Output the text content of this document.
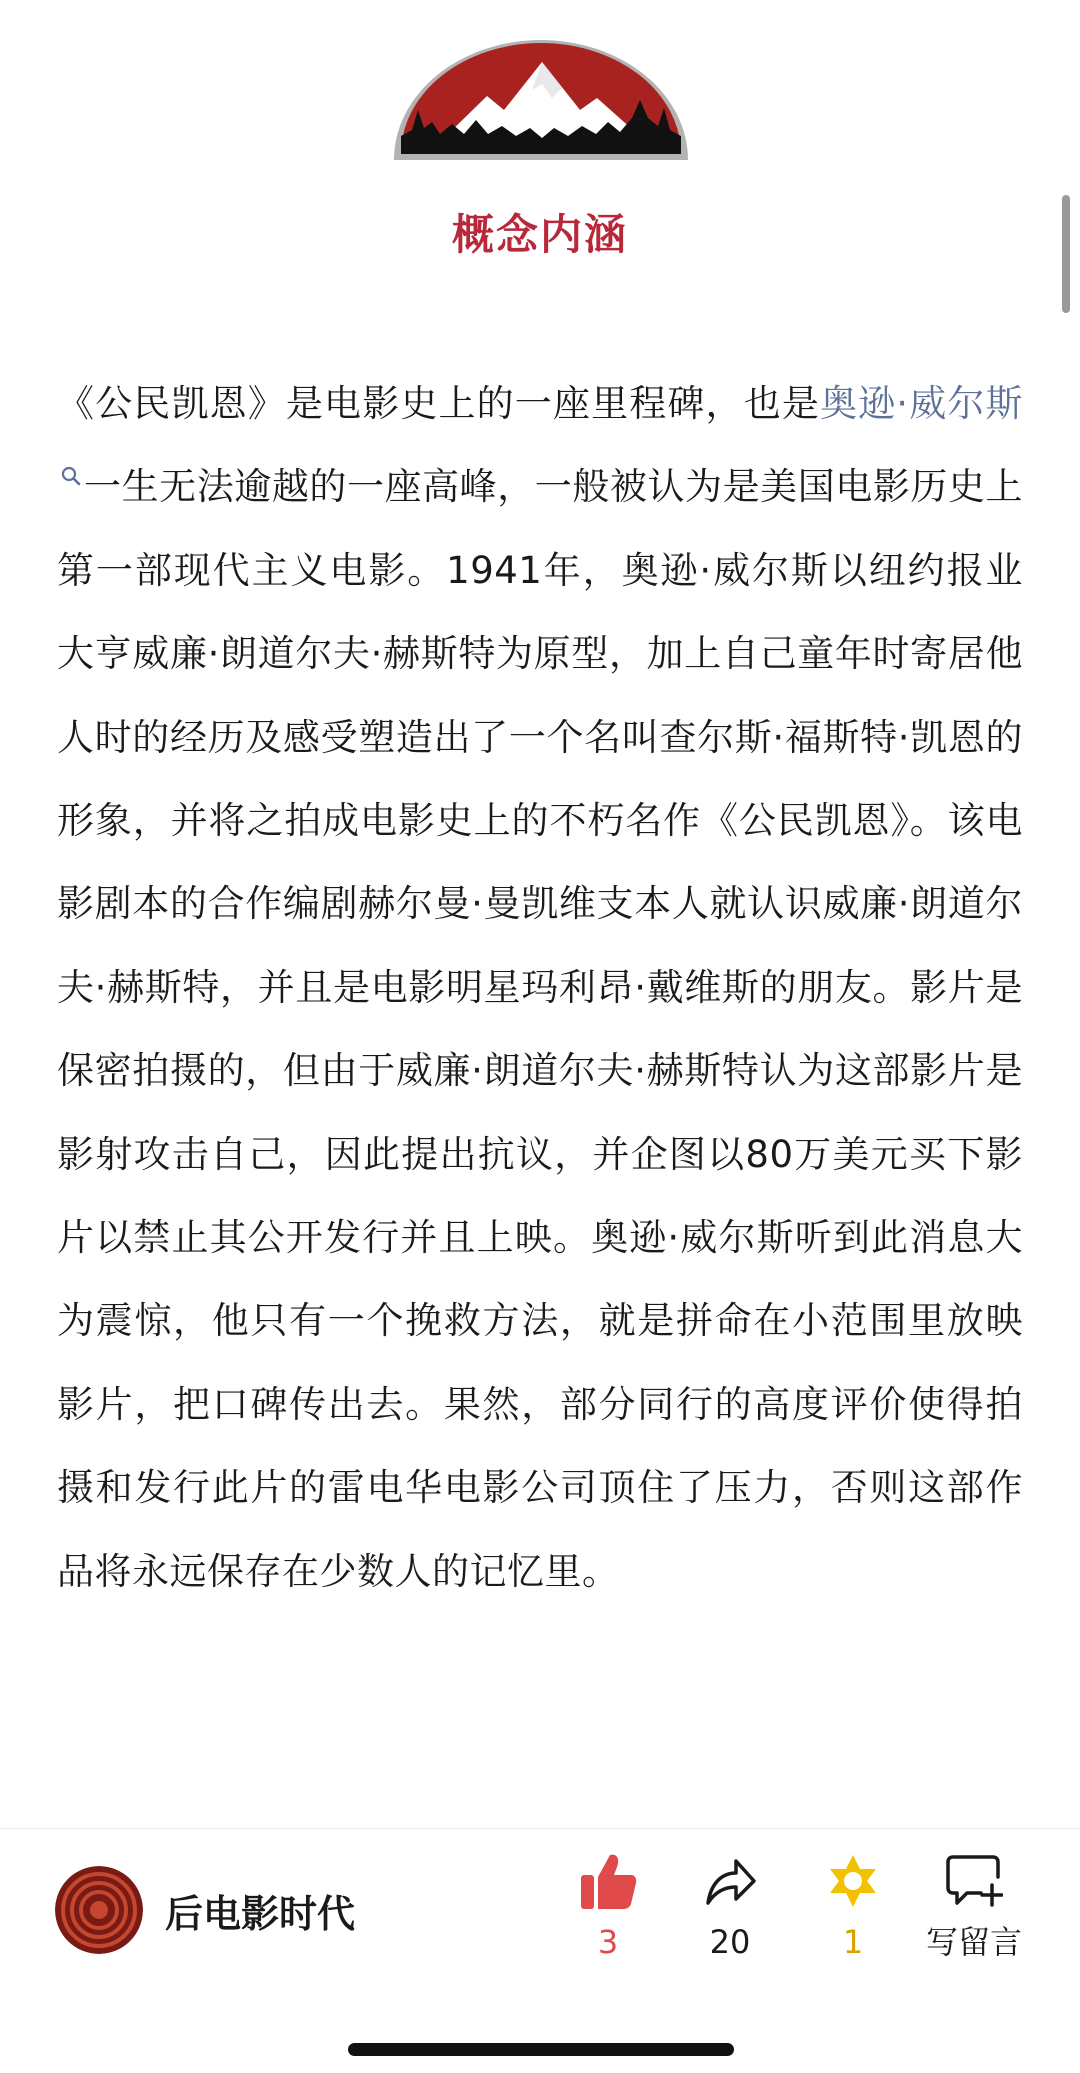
概念内涵
《公民凯恩》是电影史上的一座里程碑，也是奥逊·威尔斯一生无法逾越的一座高峰，一般被认为是美国电影历史上第一部现代主义电影。1941年，奥逊·威尔斯以纽约报业大亨威廉·朗道尔夫·赫斯特为原型，加上自己童年时寄居他人时的经历及感受塑造出了一个名叫查尔斯·福斯特·凯恩的形象，并将之拍成电影史上的不朽名作《公民凯恩》。该电影剧本的合作编剧赫尔曼·曼凯维支本人就认识威廉·朗道尔夫·赫斯特，并且是电影明星玛利昂·戴维斯的朋友。影片是保密拍摄的，但由于威廉·朗道尔夫·赫斯特认为这部影片是影射攻击自己，因此提出抗议，并企图以80万美元买下影片以禁止其公开发行并且上映。奥逊·威尔斯听到此消息大为震惊，他只有一个挽救方法，就是拼命在小范围里放映影片，把口碑传出去。果然，部分同行的高度评价使得拍摄和发行此片的雷电华电影公司顶住了压力，否则这部作品将永远保存在少数人的记忆里。
后电影时代
3	20	1	写留言
